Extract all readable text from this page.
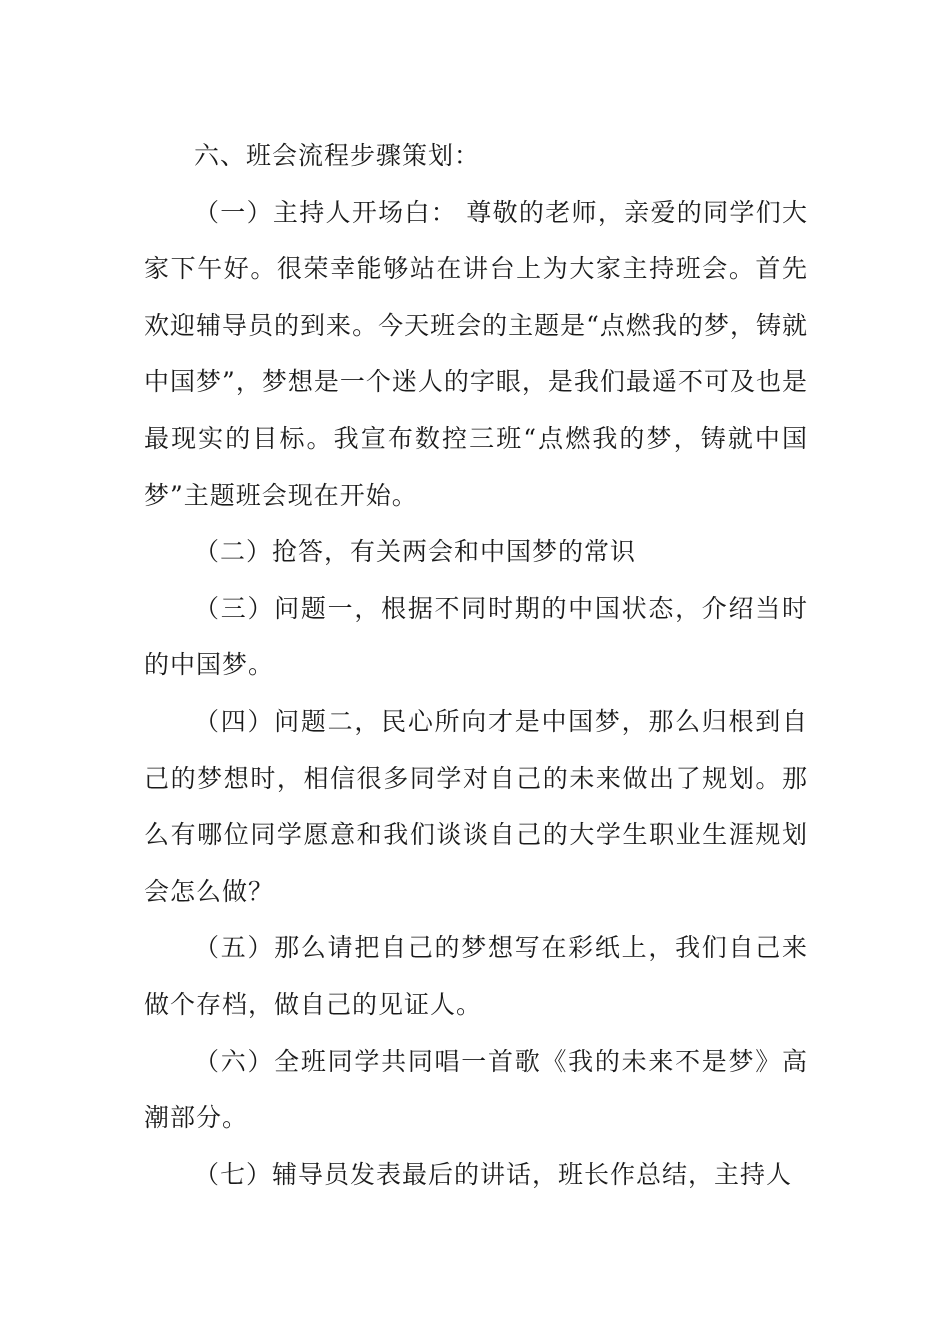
六、班会流程步骤策划：

（一）主持人开场白： 尊敬的老师，亲爱的同学们大家下午好。很荣幸能够站在讲台上为大家主持班会。首先欢迎辅导员的到来。今天班会的主题是“点燃我的梦，铸就中国梦”，梦想是一个迷人的字眼，是我们最遥不可及也是最现实的目标。我宣布数控三班“点燃我的梦，铸就中国梦”主题班会现在开始。

（二）抢答，有关两会和中国梦的常识

（三）问题一，根据不同时期的中国状态，介绍当时的中国梦。

（四）问题二，民心所向才是中国梦，那么归根到自己的梦想时，相信很多同学对自己的未来做出了规划。那么有哪位同学愿意和我们谈谈自己的大学生职业生涯规划会怎么做？

（五）那么请把自己的梦想写在彩纸上，我们自己来做个存档，做自己的见证人。

（六）全班同学共同唱一首歌《我的未来不是梦》高潮部分。

（七）辅导员发表最后的讲话，班长作总结，主持人
